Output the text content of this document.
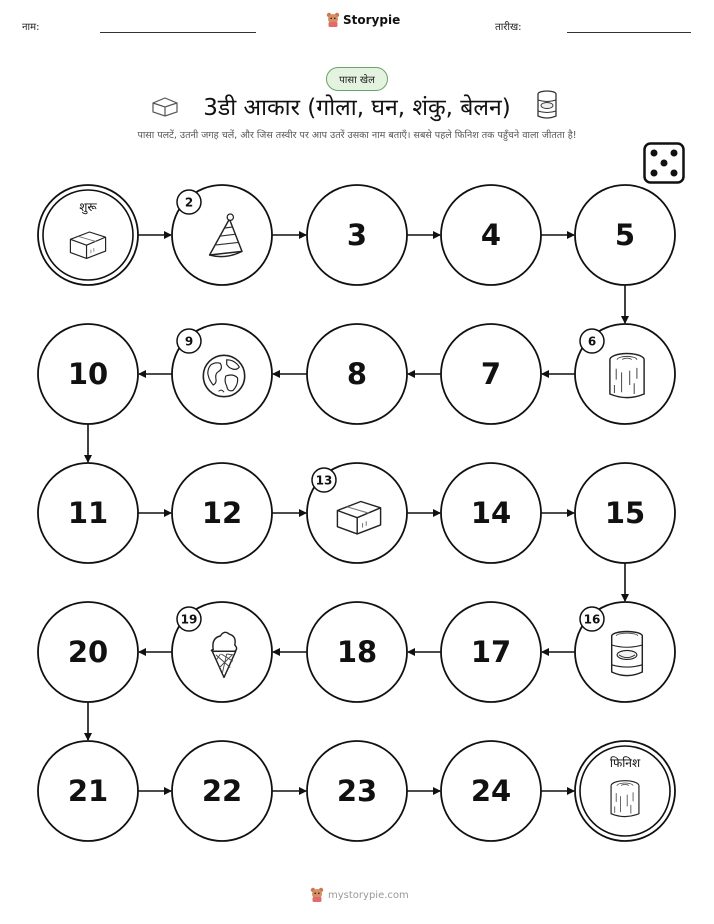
नाम:	तारीख:
Storypie
पासा खेल
3डी आकार (गोला, घन, शंकु, बेलन)
पासा पलटें, उतनी जगह चलें, और जिस तस्वीर पर आप उतरें उसका नाम बताएँ। सबसे पहले फिनिश तक पहुँचने वाला जीतता है!
शुरू	2
3	4	5
6
7
8
9
10
11	12
13
14	15
16
17
18
19
20
21	22	23	24
फिनिश
mystorypie.com
